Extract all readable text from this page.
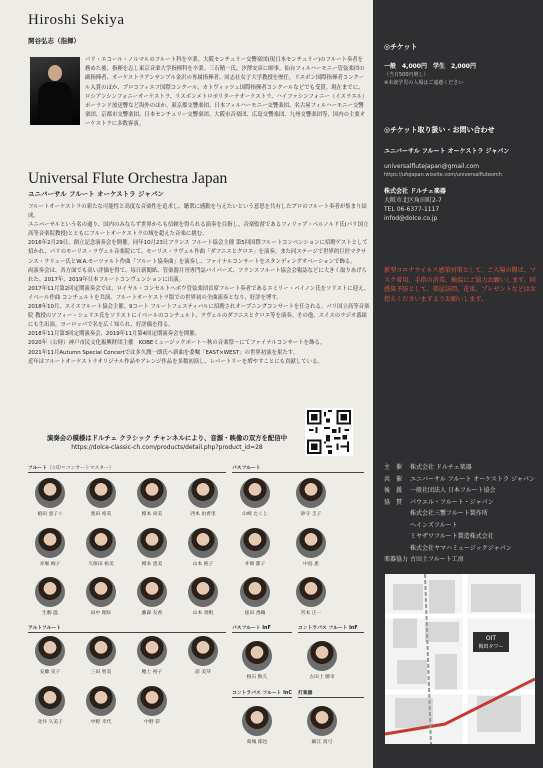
Hiroshi Sekiya
関谷弘志（指揮）
パリ・エコール・ノルマルのフルート科を卒業。大阪センチュリー交響楽団(現日本センチュリー)のフルート奏者を務めた後、指揮を志し東京音楽大学指揮科を卒業。三石精一氏、汐澤安彦に師事。仙台フィルハーモニー管弦楽団の副指揮者、オーケストラアンサンブル金沢の専属指揮者、同志社女子大学教授を歴任。リスボン国際指揮者コンクール入賞のほか、プロコフィエフ国際コンクール、カトヴィッツェ国際指揮者コンクールなどでも受賞。現在までに、ロシアンシンフォニーオーケストラ、リスボンメトロポリターナオーケストラ、ハイファシンフォニー（イスラエル）ポーランド放送響など海外のほか、東京都交響楽団、日本フィルハーモニー交響楽団、名古屋フィルハーモニー交響楽団、京都市交響楽団、日本センチュリー交響楽団、大阪市音楽団、広島交響楽団、九州交響楽団等、国内の主要オーケストラに多数客演。
Universal Flute Orchestra Japan
ユニバーサル フルート オーケストラ ジャパン

フルートオーケストラの新たな可能性と高度な音楽性を追求し、聴衆に感動を与えたいという意思を共有したプロのフルート奏者が集まり結成。

ユニバーサルという名の通り、国内のみならず世界からも信頼を得られる演奏を目指し、音楽監督であるフィリップ・ベルノルド氏(パリ国立高等音楽院教授)とともにフルートオーケストラの域を超えた音楽に挑む。

2016年2月29日、創立記念演奏会を開催。同年10月23日フランス フルート協会主催 第5回国際フルートコンベンションに招聘ゲストとして招かれ、パリのモーリス・ラヴェル音楽院にて、モーリス・ラヴェル作曲「ダフニスとクロエ」を演奏。また同ステージで世界的巨匠マクサンス・ラリュー氏とW.A.モーツァルト作曲「フルート協奏曲」を演奏し、ファイナルコンサートをスタンディングオベーションで飾る。

両演奏会は、各方面でも高い評価を得て、毎日新聞紙、管楽器月刊専門誌パイパーズ、フランスフルート協会会報誌などに大きく取りあげられた。2017年、2019年日本フルートコンヴェンションに出演。

2017年11月第2回定期演奏会では、ロイヤル・コンセルトヘボウ管弦楽団首席フルート奏者であるエミリー・バイノン氏をソリストに迎え、イベール作曲 コンチェルトを共演。フルートオーケストラ版での世界初の全曲演奏となり、好評を博す。

2018年10月、スイスフルート協会主催、9コート フルートフェスティバルに招聘されオープニングコンサートを任される。パリ国立高等音楽院 教授のソフィー・シェリエ氏をソリストにイベールのコンチェルト、ラヴェルのダフニスとクロエ等を演奏。その他、スイスのラジオ番組にも生出演。ヨーロッパで名を広く知られ、好評価を得る。

2018年11月第3回定期演奏会、2019年11月第4回定期演奏会を開催。

2020年（公財）神戸市民文化振興財団主催　KOBEミュージックポート～秋の音楽祭～にてファイナルコンサートを飾る。

2021年11月Autumn Special Concertでは多久潤一朗氏へ新曲を委嘱「EAST×WEST」の世界初演を果たす。

近年はフルートオーケストラオリジナル作品やアレンジ作品を多数初演し、レパートリーを増やすことにも貢献している。

演奏会の模様はドルチェ クラシック チャンネルにより、音源・映像の双方を配信中
https://dolce-classic-ch.com/products/detail.php?product_id=28
フルート（☆印＝コンサートマスター）	バスフルート
植田 恵子☆	奥田 裕美	榎本 尚美	西本 由香里
赤堀 絢子	久保田 裕美	榎本 恵美	山本 純子
生駒 温	田中 理絵	藤森 友香	山本 貴帆
山崎 たくじ	砂守 圭子
井岡 都子	中島 恵
窪田 香織	宮本 正一
アルトフルート
安藤 史子	三田 智美	穂上 裕子	前 美芽
北井 久美子	中野 幸代	中野 彩
バスフルート InF	コントラバス フルート InF
相石 熊久	古田土 勝市
コントラバス フルート InC 打楽器
葛城 郁也	細江 真弓
◎チケット
一般　4,000円　学生　2,000円
（当日500円増し）
※未就学児の入場はご遠慮ください
◎チケット取り扱い・お問い合わせ
ユニバーサル フルート オーケストラ ジャパン
universalflutejapan@gmail.com
https://ufojapan.wixsite.com/universalfluteorch
株式会社 ドルチェ楽器
大阪市北区角田町2-7
TEL 06-6377-1117
infod@dolce.co.jp
新型コロナウイルス感染対策として、ご入場の際は、マスク着用、手指の消毒、検温にご協力お願いします。同感染予防として、楽屋訪問、花束、プレゼントなどはお控えくださいますようお願いします。
主　催	株式会社 ドルチェ楽器
共　催	ユニバーサル フルート オーケストラ ジャパン
後　援	一般社団法人 日本フルート協会
協　賛	パウエル・フルート・ジャパン
株式会社三響フルート製作所
ヘインズフルート
ミヤザワフルート製造株式会社
株式会社ヤマハミュージックジャパン
楽器協力 古田土フルート工房
OIT
梅田タワー
